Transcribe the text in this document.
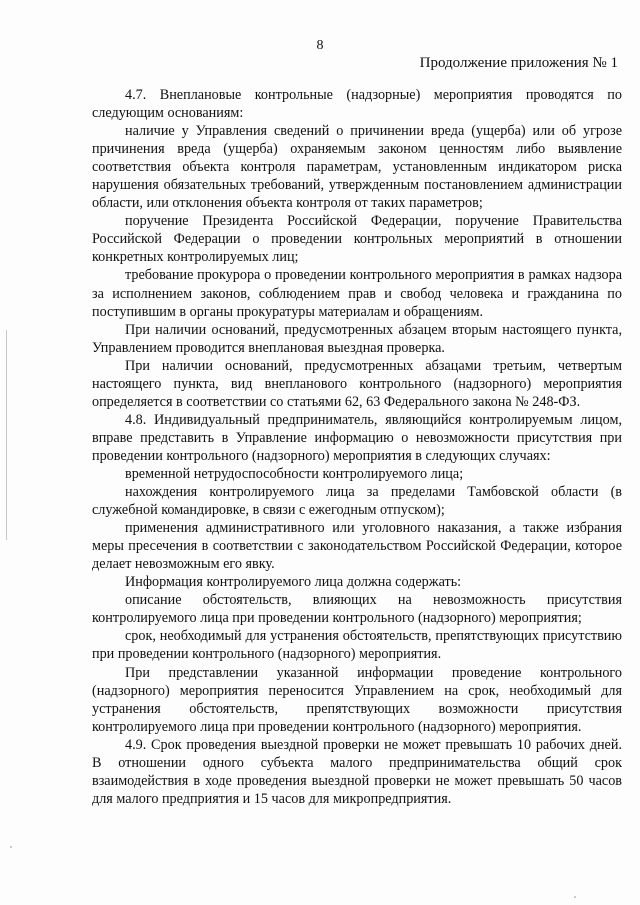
8
Продолжение приложения № 1

4.7. Внеплановые контрольные (надзорные) мероприятия проводятся по следующим основаниям:

наличие у Управления сведений о причинении вреда (ущерба) или об угрозе причинения вреда (ущерба) охраняемым законом ценностям либо выявление соответствия объекта контроля параметрам, установленным индикатором риска нарушения обязательных требований, утвержденным постановлением администрации области, или отклонения объекта контроля от таких параметров;

поручение Президента Российской Федерации, поручение Правительства Российской Федерации о проведении контрольных мероприятий в отношении конкретных контролируемых лиц;

требование прокурора о проведении контрольного мероприятия в рамках надзора за исполнением законов, соблюдением прав и свобод человека и гражданина по поступившим в органы прокуратуры материалам и обращениям.

При наличии оснований, предусмотренных абзацем вторым настоящего пункта, Управлением проводится внеплановая выездная проверка.

При наличии оснований, предусмотренных абзацами третьим, четвертым настоящего пункта, вид внепланового контрольного (надзорного) мероприятия определяется в соответствии со статьями 62, 63 Федерального закона № 248-ФЗ.

4.8. Индивидуальный предприниматель, являющийся контролируемым лицом, вправе представить в Управление информацию о невозможности присутствия при проведении контрольного (надзорного) мероприятия в следующих случаях:

временной нетрудоспособности контролируемого лица;

нахождения контролируемого лица за пределами Тамбовской области (в служебной командировке, в связи с ежегодным отпуском);

применения административного или уголовного наказания, а также избрания меры пресечения в соответствии с законодательством Российской Федерации, которое делает невозможным его явку.

Информация контролируемого лица должна содержать:

описание обстоятельств, влияющих на невозможность присутствия контролируемого лица при проведении контрольного (надзорного) мероприятия;

срок, необходимый для устранения обстоятельств, препятствующих присутствию при проведении контрольного (надзорного) мероприятия.

При представлении указанной информации проведение контрольного (надзорного) мероприятия переносится Управлением на срок, необходимый для устранения обстоятельств, препятствующих возможности присутствия контролируемого лица при проведении контрольного (надзорного) мероприятия.

4.9. Срок проведения выездной проверки не может превышать 10 рабочих дней. В отношении одного субъекта малого предпринимательства общий срок взаимодействия в ходе проведения выездной проверки не может превышать 50 часов для малого предприятия и 15 часов для микропредприятия.
